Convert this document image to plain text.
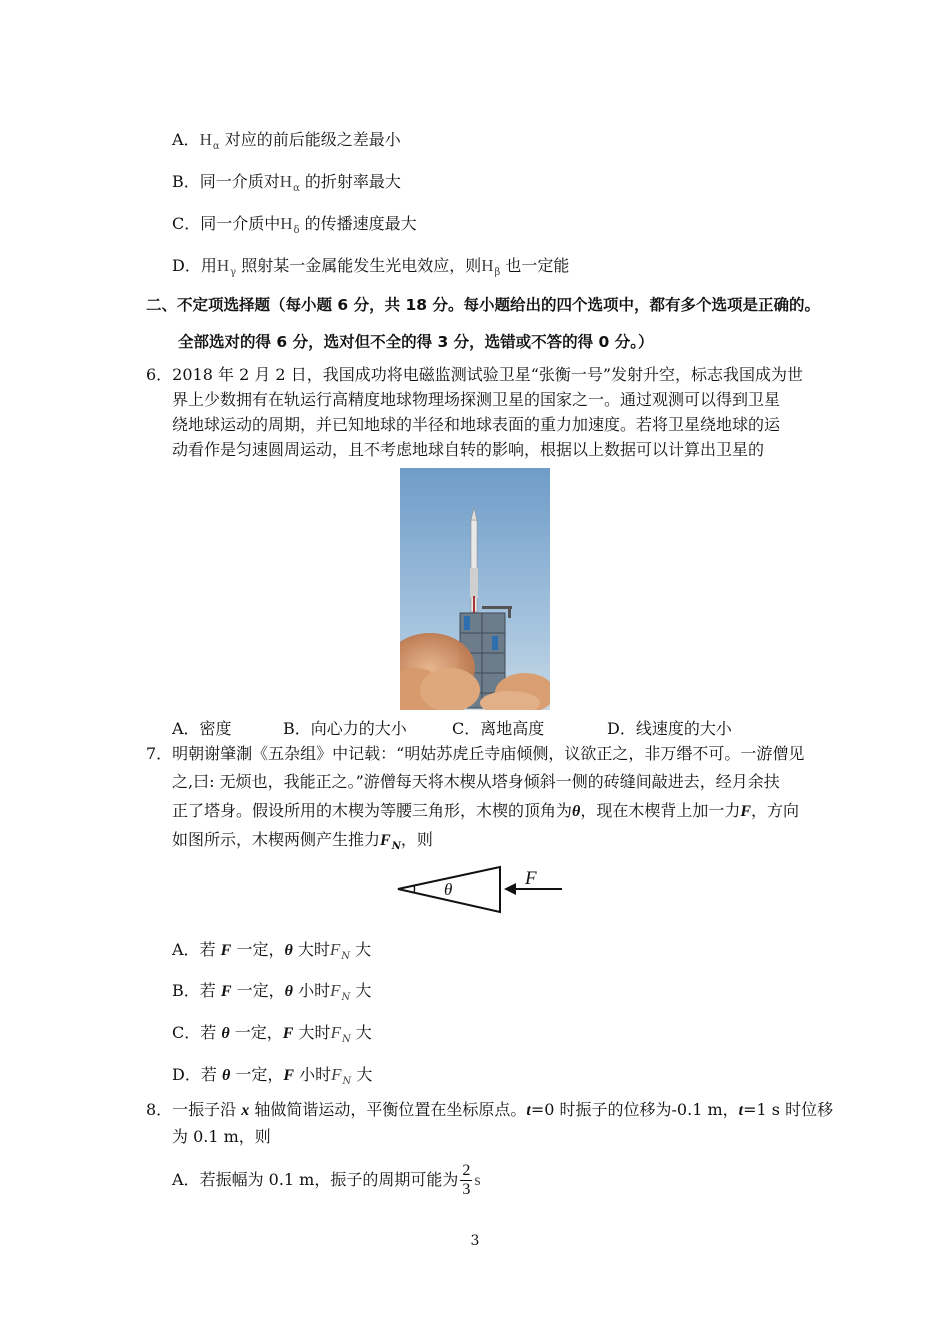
A．$H_\alpha$ 对应的前后能级之差最小
B．同一介质对$H_\alpha$ 的折射率最大
C．同一介质中$H_\delta$ 的传播速度最大
D．用$H_\gamma$ 照射某一金属能发生光电效应，则$H_\beta$ 也一定能
二、不定项选择题（每小题 6 分，共 18 分。每小题给出的四个选项中，都有多个选项是正确的。
全部选对的得 6 分，选对但不全的得 3 分，选错或不答的得 0 分。）
6．2018 年 2 月 2 日，我国成功将电磁监测试验卫星“张衡一号”发射升空，标志我国成为世
界上少数拥有在轨运行高精度地球物理场探测卫星的国家之一。通过观测可以得到卫星
绕地球运动的周期，并已知地球的半径和地球表面的重力加速度。若将卫星绕地球的运
动看作是匀速圆周运动，且不考虑地球自转的影响，根据以上数据可以计算出卫星的
A．密度	B．向心力的大小	C．离地高度	D．线速度的大小
7．明朝谢肇淛《五杂组》中记载：“明姑苏虎丘寺庙倾侧，议欲正之，非万缗不可。一游僧见
之,曰: 无烦也，我能正之。”游僧每天将木楔从塔身倾斜一侧的砖缝间敲进去，经月余扶
正了塔身。假设所用的木楔为等腰三角形，木楔的顶角为θ，现在木楔背上加一力F，方向
如图所示，木楔两侧产生推力$F_N$，则
θ
F
A．若 F 一定，θ 大时$F_N$ 大
B．若 F 一定，θ 小时$F_N$ 大
C．若 θ 一定，F 大时$F_N$ 大
D．若 θ 一定，F 小时$F_N$ 大
8．一振子沿 x 轴做简谐运动，平衡位置在坐标原点。t=0 时振子的位移为-0.1 m，t=1 s 时位移
为 0.1 m，则
A．若振幅为 0.1 m，振子的周期可能为 $\frac{2}{3}$ s
3
